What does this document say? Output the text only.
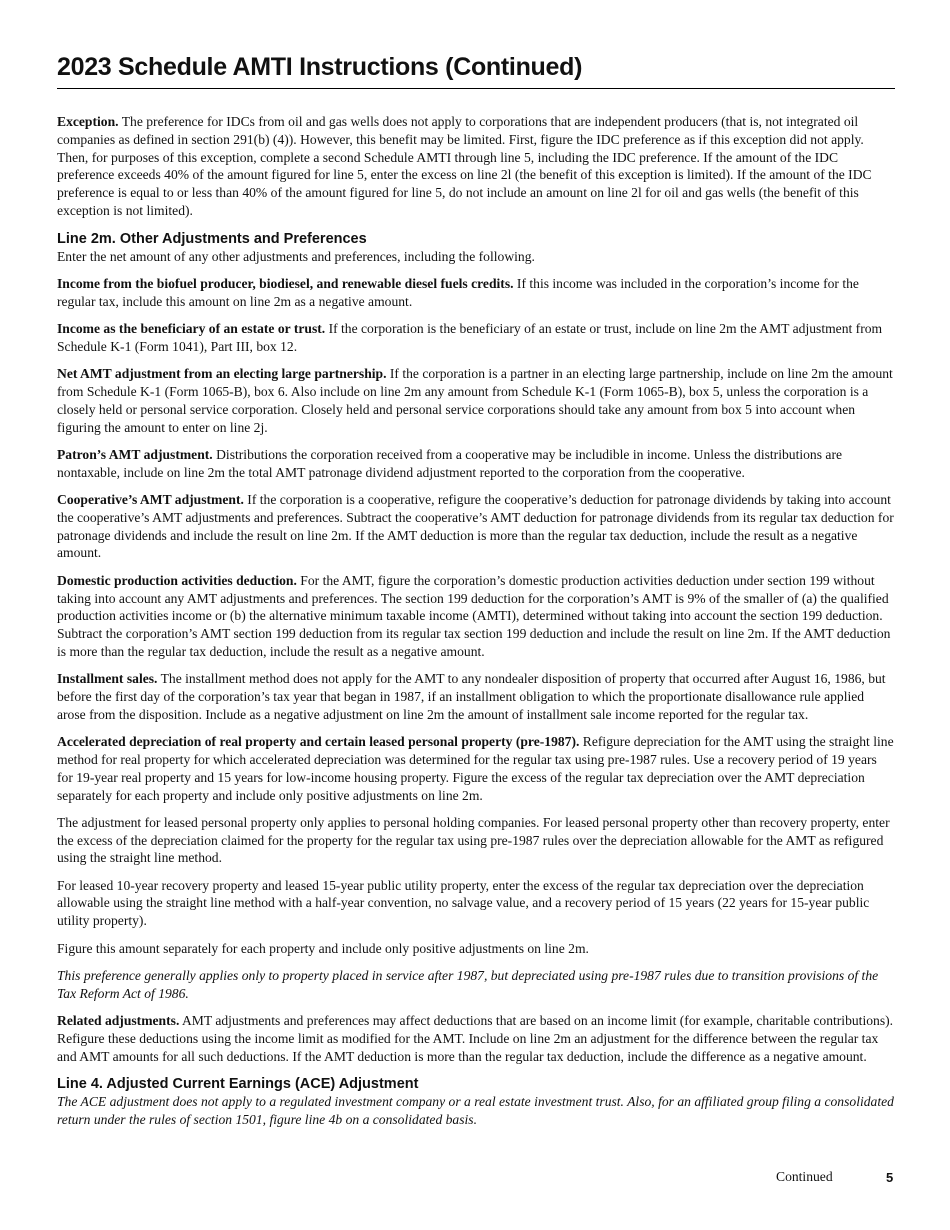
2023 Schedule AMTI Instructions (Continued)

Exception. The preference for IDCs from oil and gas wells does not apply to corporations that are independent producers (that is, not integrated oil companies as defined in section 291(b) (4)). However, this benefit may be limited. First, figure the IDC preference as if this exception did not apply. Then, for purposes of this exception, complete a second Schedule AMTI through line 5, including the IDC preference. If the amount of the IDC preference exceeds 40% of the amount figured for line 5, enter the excess on line 2l (the benefit of this exception is limited). If the amount of the IDC preference is equal to or less than 40% of the amount figured for line 5, do not include an amount on line 2l for oil and gas wells (the benefit of this exception is not limited).

Line 2m. Other Adjustments and Preferences

Enter the net amount of any other adjustments and preferences, including the following.

Income from the biofuel producer, biodiesel, and renewable diesel fuels credits. If this income was included in the corporation’s income for the regular tax, include this amount on line 2m as a negative amount.

Income as the beneficiary of an estate or trust. If the corporation is the beneficiary of an estate or trust, include on line 2m the AMT adjustment from Schedule K-1 (Form 1041), Part III, box 12.

Net AMT adjustment from an electing large partnership. If the corporation is a partner in an electing large partnership, include on line 2m the amount from Schedule K-1 (Form 1065-B), box 6. Also include on line 2m any amount from Schedule K-1 (Form 1065-B), box 5, unless the corporation is a closely held or personal service corporation. Closely held and personal service corporations should take any amount from box 5 into account when figuring the amount to enter on line 2j.

Patron’s AMT adjustment. Distributions the corporation received from a cooperative may be includible in income. Unless the distributions are nontaxable, include on line 2m the total AMT patronage dividend adjustment reported to the corporation from the cooperative.

Cooperative’s AMT adjustment. If the corporation is a cooperative, refigure the cooperative’s deduction for patronage dividends by taking into account the cooperative’s AMT adjustments and preferences. Subtract the cooperative’s AMT deduction for patronage dividends from its regular tax deduction for patronage dividends and include the result on line 2m. If the AMT deduction is more than the regular tax deduction, include the result as a negative amount.

Domestic production activities deduction. For the AMT, figure the corporation’s domestic production activities deduction under section 199 without taking into account any AMT adjustments and preferences. The section 199 deduction for the corporation’s AMT is 9% of the smaller of (a) the qualified production activities income or (b) the alternative minimum taxable income (AMTI), determined without taking into account the section 199 deduction. Subtract the corporation’s AMT section 199 deduction from its regular tax section 199 deduction and include the result on line 2m. If the AMT deduction is more than the regular tax deduction, include the result as a negative amount.

Installment sales. The installment method does not apply for the AMT to any nondealer disposition of property that occurred after August 16, 1986, but before the first day of the corporation’s tax year that began in 1987, if an installment obligation to which the proportionate disallowance rule applied arose from the disposition. Include as a negative adjustment on line 2m the amount of installment sale income reported for the regular tax.

Accelerated depreciation of real property and certain leased personal property (pre-1987). Refigure depreciation for the AMT using the straight line method for real property for which accelerated depreciation was determined for the regular tax using pre-1987 rules. Use a recovery period of 19 years for 19-year real property and 15 years for low-income housing property. Figure the excess of the regular tax depreciation over the AMT depreciation separately for each property and include only positive adjustments on line 2m.

The adjustment for leased personal property only applies to personal holding companies. For leased personal property other than recovery property, enter the excess of the depreciation claimed for the property for the regular tax using pre-1987 rules over the depreciation allowable for the AMT as refigured using the straight line method.

For leased 10-year recovery property and leased 15-year public utility property, enter the excess of the regular tax depreciation over the depreciation allowable using the straight line method with a half-year convention, no salvage value, and a recovery period of 15 years (22 years for 15-year public utility property).

Figure this amount separately for each property and include only positive adjustments on line 2m.

This preference generally applies only to property placed in service after 1987, but depreciated using pre-1987 rules due to transition provisions of the Tax Reform Act of 1986.

Related adjustments. AMT adjustments and preferences may affect deductions that are based on an income limit (for example, charitable contributions). Refigure these deductions using the income limit as modified for the AMT. Include on line 2m an adjustment for the difference between the regular tax and AMT amounts for all such deductions. If the AMT deduction is more than the regular tax deduction, include the difference as a negative amount.

Line 4. Adjusted Current Earnings (ACE) Adjustment

The ACE adjustment does not apply to a regulated investment company or a real estate investment trust. Also, for an affiliated group filing a consolidated return under the rules of section 1501, figure line 4b on a consolidated basis.

Continued	5
